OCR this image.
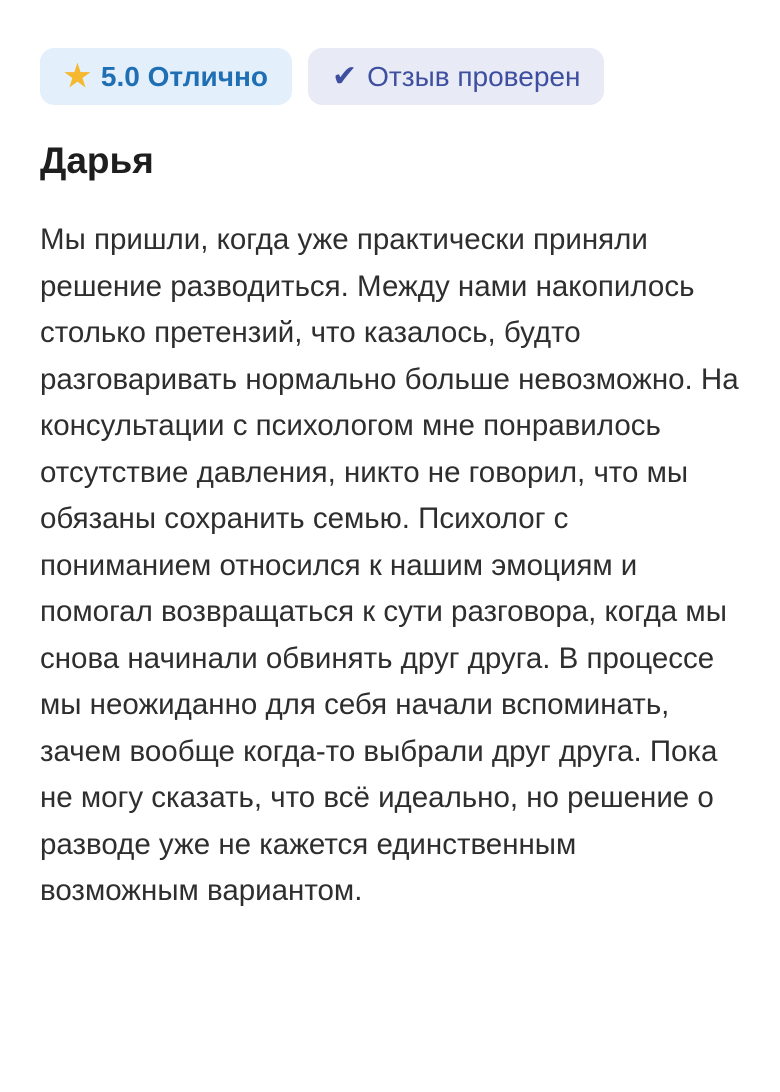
★ 5.0 Отлично ✔ Отзыв проверен
Дарья

Мы пришли, когда уже практически приняли решение разводиться. Между нами накопилось столько претензий, что казалось, будто разговаривать нормально больше невозможно. На консультации с психологом мне понравилось отсутствие давления, никто не говорил, что мы обязаны сохранить семью. Психолог с пониманием относился к нашим эмоциям и помогал возвращаться к сути разговора, когда мы снова начинали обвинять друг друга. В процессе мы неожиданно для себя начали вспоминать, зачем вообще когда-то выбрали друг друга. Пока не могу сказать, что всё идеально, но решение о разводе уже не кажется единственным возможным вариантом.
